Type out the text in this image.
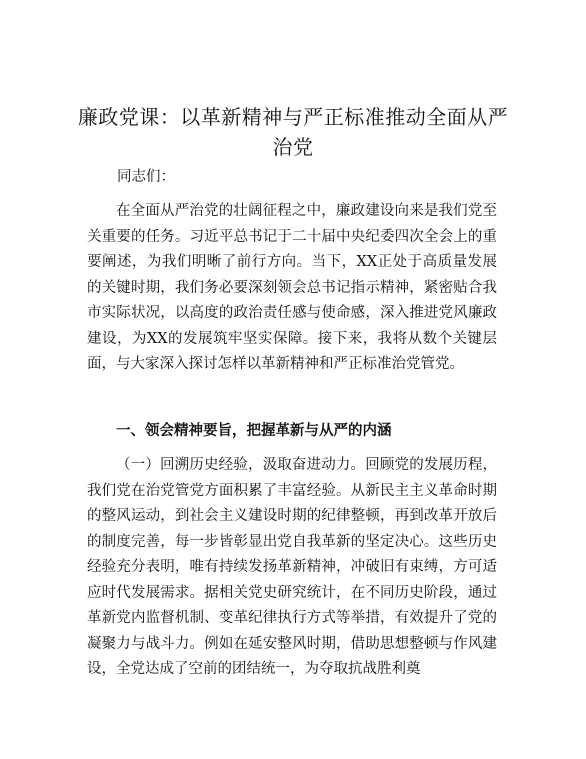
廉政党课：以革新精神与严正标准推动全面从严治党
同志们：

在全面从严治党的壮阔征程之中，廉政建设向来是我们党至关重要的任务。习近平总书记于二十届中央纪委四次全会上的重要阐述，为我们明晰了前行方向。当下，XX正处于高质量发展的关键时期，我们务必要深刻领会总书记指示精神，紧密贴合我市实际状况，以高度的政治责任感与使命感，深入推进党风廉政建设，为XX的发展筑牢坚实保障。接下来，我将从数个关键层面，与大家深入探讨怎样以革新精神和严正标准治党管党。

一、领会精神要旨，把握革新与从严的内涵

（一）回溯历史经验，汲取奋进动力。回顾党的发展历程，我们党在治党管党方面积累了丰富经验。从新民主主义革命时期的整风运动，到社会主义建设时期的纪律整顿，再到改革开放后的制度完善，每一步皆彰显出党自我革新的坚定决心。这些历史经验充分表明，唯有持续发扬革新精神，冲破旧有束缚，方可适应时代发展需求。据相关党史研究统计，在不同历史阶段，通过革新党内监督机制、变革纪律执行方式等举措，有效提升了党的凝聚力与战斗力。例如在延安整风时期，借助思想整顿与作风建设，全党达成了空前的团结统一，为夺取抗战胜利奠
